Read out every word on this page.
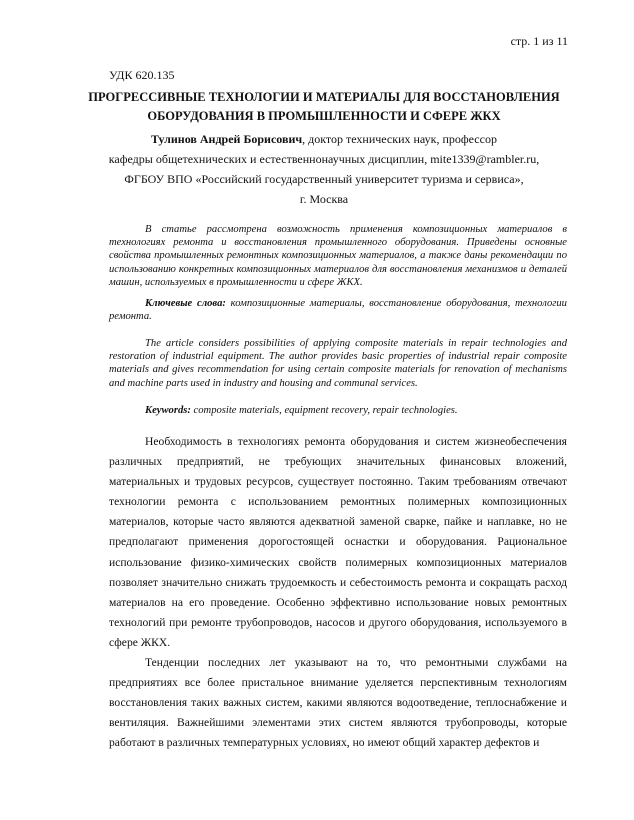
стр. 1 из 11
УДК 620.135
ПРОГРЕССИВНЫЕ ТЕХНОЛОГИИ И МАТЕРИАЛЫ ДЛЯ ВОССТАНОВЛЕНИЯ
ОБОРУДОВАНИЯ В ПРОМЫШЛЕННОСТИ И СФЕРЕ ЖКХ
Тулинов Андрей Борисович, доктор технических наук, профессор
кафедры общетехнических и естественнонаучных дисциплин, mite1339@rambler.ru,
ФГБОУ ВПО «Российский государственный университет туризма и сервиса»,
г. Москва
В статье рассмотрена возможность применения композиционных материалов в технологиях ремонта и восстановления промышленного оборудования. Приведены основные свойства промышленных ремонтных композиционных материалов, а также даны рекомендации по использованию конкретных композиционных материалов для восстановления механизмов и деталей машин, используемых в промышленности и сфере ЖКХ.
Ключевые слова: композиционные материалы, восстановление оборудования, технологии ремонта.
The article considers possibilities of applying composite materials in repair technologies and restoration of industrial equipment. The author provides basic properties of industrial repair composite materials and gives recommendation for using certain composite materials for renovation of mechanisms and machine parts used in industry and housing and communal services.
Keywords: composite materials, equipment recovery, repair technologies.
Необходимость в технологиях ремонта оборудования и систем жизнеобеспечения различных предприятий, не требующих значительных финансовых вложений, материальных и трудовых ресурсов, существует постоянно. Таким требованиям отвечают технологии ремонта с использованием ремонтных полимерных композиционных материалов, которые часто являются адекватной заменой сварке, пайке и наплавке, но не предполагают применения дорогостоящей оснастки и оборудования. Рациональное использование физико-химических свойств полимерных композиционных материалов позволяет значительно снижать трудоемкость и себестоимость ремонта и сокращать расход материалов на его проведение. Особенно эффективно использование новых ремонтных технологий при ремонте трубопроводов, насосов и другого оборудования, используемого в сфере ЖКХ.
Тенденции последних лет указывают на то, что ремонтными службами на предприятиях все более пристальное внимание уделяется перспективным технологиям восстановления таких важных систем, какими являются водоотведение, теплоснабжение и вентиляция. Важнейшими элементами этих систем являются трубопроводы, которые работают в различных температурных условиях, но имеют общий характер дефектов и
